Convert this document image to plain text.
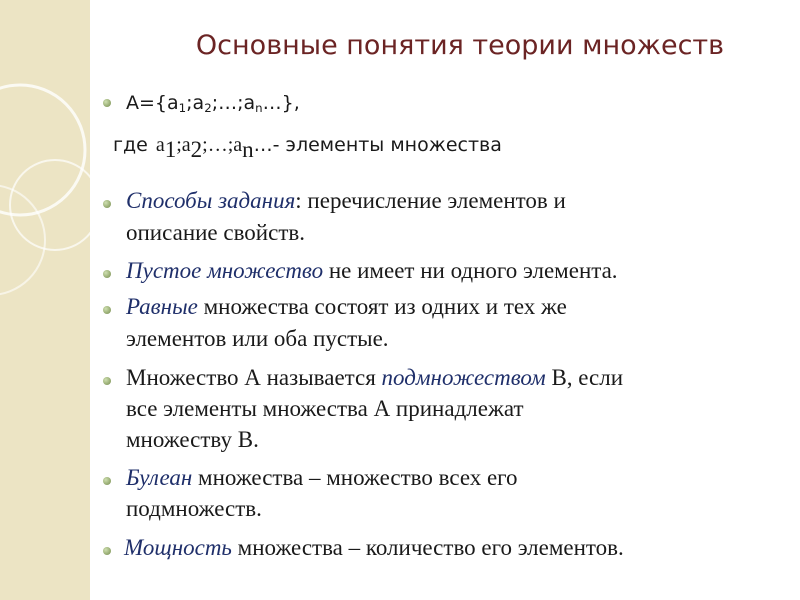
Основные понятия теории множеств
$A=\{a_1;a_2;\dots;a_n\dots\}$,
где $a_1;a_2;\dots;a_n\dots-$ элементы множества
Способы задания: перечисление элементов и
описание свойств.
Пустое множество не имеет ни одного элемента.
Равные множества состоят из одних и тех же
элементов или оба пустые.
Множество А называется подмножеством В, если
все элементы множества А принадлежат
множеству В.
Булеан множества – множество всех его
подмножеств.
Мощность множества – количество его элементов.
